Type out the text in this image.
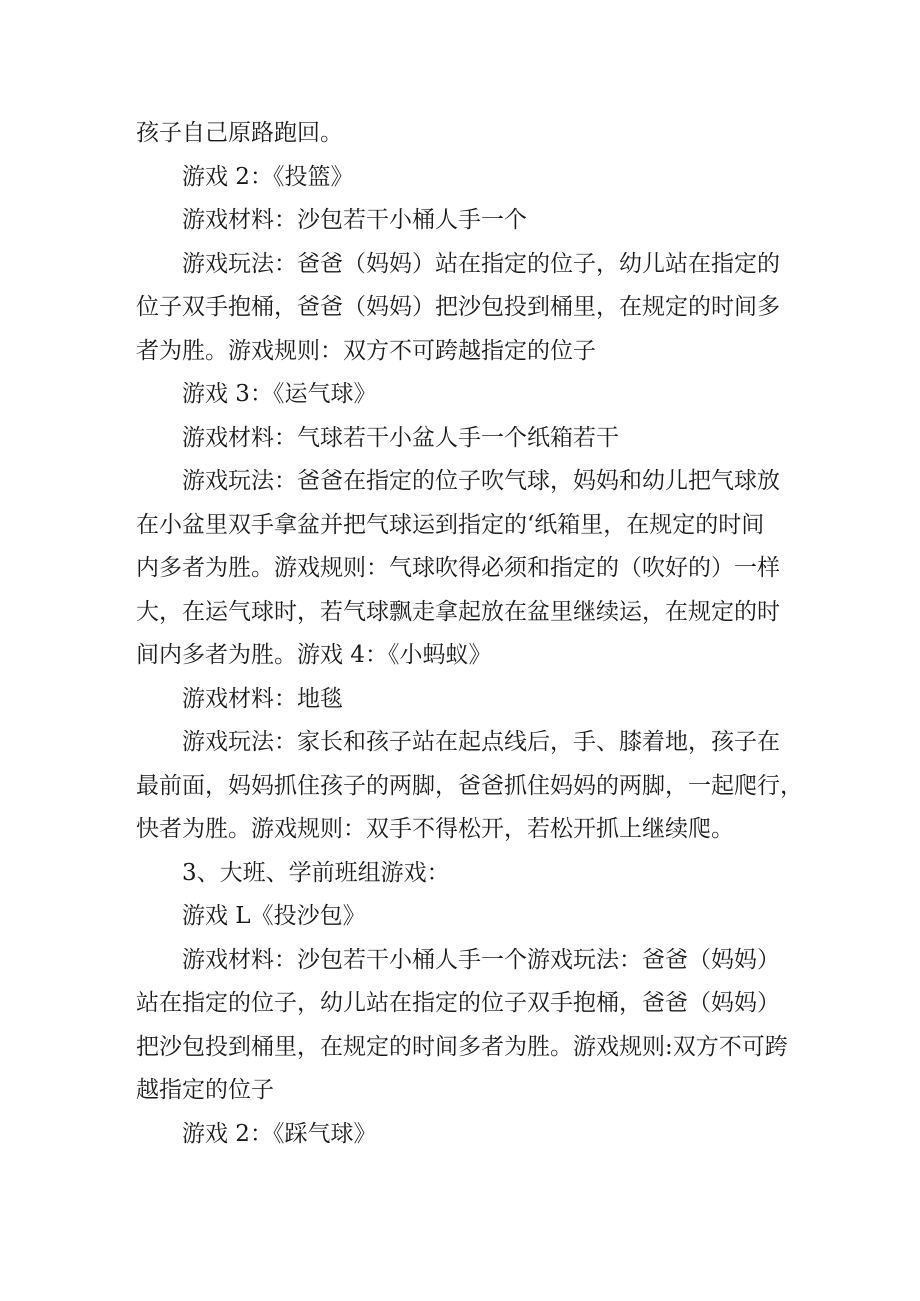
孩子自己原路跑回。

游戏 2：《投篮》

游戏材料：沙包若干小桶人手一个

游戏玩法：爸爸（妈妈）站在指定的位子，幼儿站在指定的
位子双手抱桶，爸爸（妈妈）把沙包投到桶里，在规定的时间多
者为胜。游戏规则：双方不可跨越指定的位子

游戏 3：《运气球》

游戏材料：气球若干小盆人手一个纸箱若干

游戏玩法：爸爸在指定的位子吹气球，妈妈和幼儿把气球放
在小盆里双手拿盆并把气球运到指定的‘纸箱里，在规定的时间
内多者为胜。游戏规则：气球吹得必须和指定的（吹好的）一样
大，在运气球时，若气球飘走拿起放在盆里继续运，在规定的时
间内多者为胜。游戏 4：《小蚂蚁》

游戏材料：地毯

游戏玩法：家长和孩子站在起点线后，手、膝着地，孩子在
最前面，妈妈抓住孩子的两脚，爸爸抓住妈妈的两脚，一起爬行，
快者为胜。游戏规则：双手不得松开，若松开抓上继续爬。

3、大班、学前班组游戏：

游戏 L《投沙包》

游戏材料：沙包若干小桶人手一个游戏玩法：爸爸（妈妈）
站在指定的位子，幼儿站在指定的位子双手抱桶，爸爸（妈妈）
把沙包投到桶里，在规定的时间多者为胜。游戏规则:双方不可跨
越指定的位子

游戏 2：《踩气球》
